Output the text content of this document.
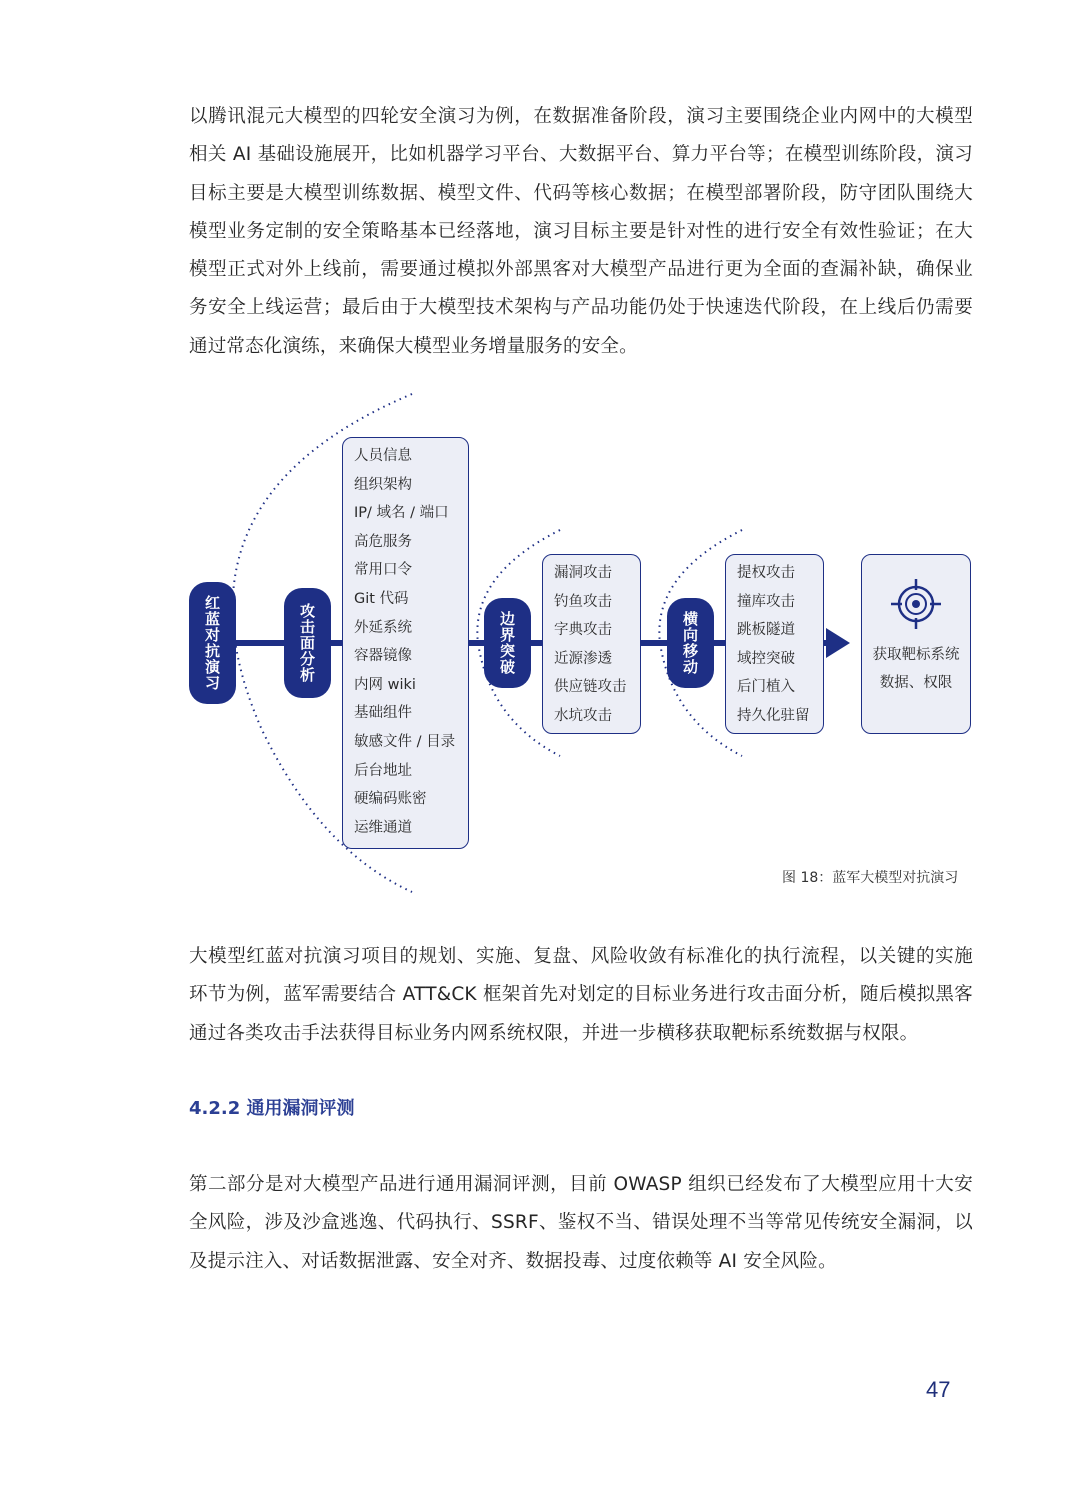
以腾讯混元大模型的四轮安全演习为例，在数据准备阶段，演习主要围绕企业内网中的大模型相关 AI 基础设施展开，比如机器学习平台、大数据平台、算力平台等；在模型训练阶段，演习目标主要是大模型训练数据、模型文件、代码等核心数据；在模型部署阶段，防守团队围绕大模型业务定制的安全策略基本已经落地，演习目标主要是针对性的进行安全有效性验证；在大模型正式对外上线前，需要通过模拟外部黑客对大模型产品进行更为全面的查漏补缺，确保业务安全上线运营；最后由于大模型技术架构与产品功能仍处于快速迭代阶段，在上线后仍需要通过常态化演练，来确保大模型业务增量服务的安全。

红蓝对抗演习	攻击面分析
人员信息
组织架构
IP/ 域名 / 端口
高危服务
常用口令
Git 代码
外延系统
容器镜像
内网 wiki
基础组件
敏感文件 / 目录
后台地址
硬编码账密
运维通道
边界突破
漏洞攻击
钓鱼攻击
字典攻击
近源渗透
供应链攻击
水坑攻击
横向移动
提权攻击
撞库攻击
跳板隧道
域控突破
后门植入
持久化驻留
获取靶标系统
数据、权限
图 18：蓝军大模型对抗演习

大模型红蓝对抗演习项目的规划、实施、复盘、风险收敛有标准化的执行流程，以关键的实施环节为例，蓝军需要结合 ATT&CK 框架首先对划定的目标业务进行攻击面分析，随后模拟黑客通过各类攻击手法获得目标业务内网系统权限，并进一步横移获取靶标系统数据与权限。

4.2.2 通用漏洞评测

第二部分是对大模型产品进行通用漏洞评测，目前 OWASP 组织已经发布了大模型应用十大安全风险，涉及沙盒逃逸、代码执行、SSRF、鉴权不当、错误处理不当等常见传统安全漏洞，以及提示注入、对话数据泄露、安全对齐、数据投毒、过度依赖等 AI 安全风险。

47
